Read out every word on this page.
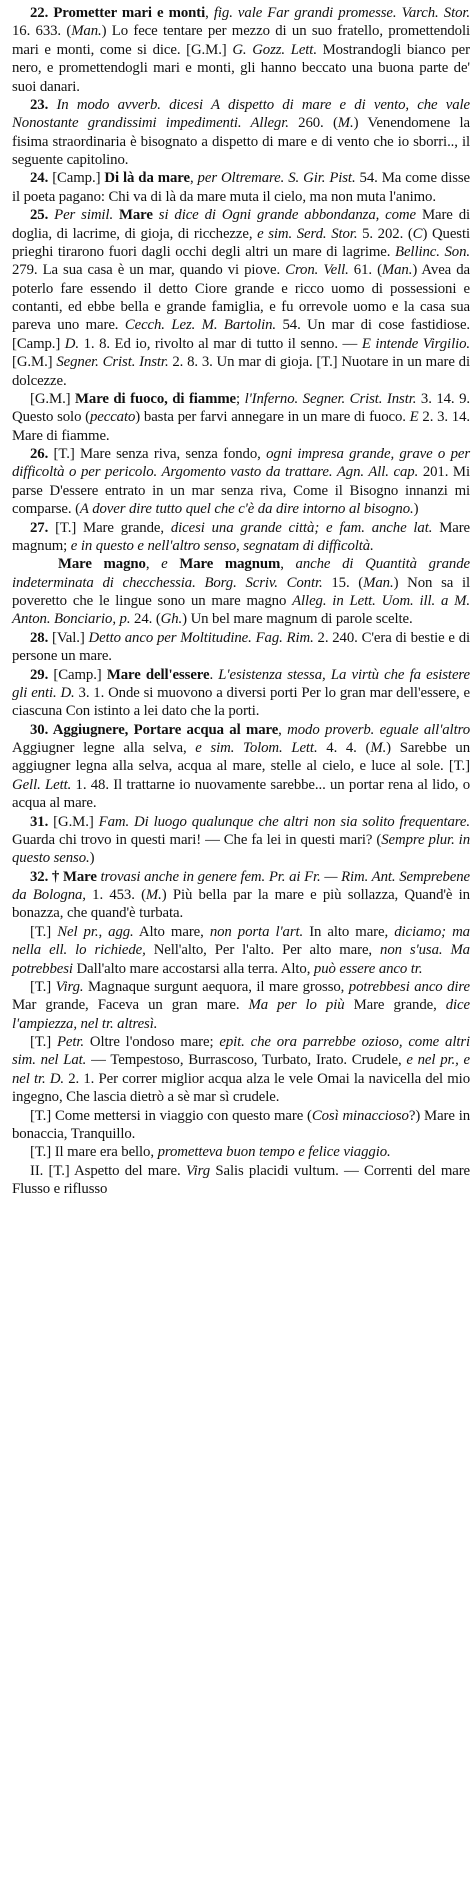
22. Prometter mari e monti, fig. vale Far grandi promesse. Varch. Stor. 16. 633. (Man.) Lo fece tentare per mezzo di un suo fratello, promettendoli mari e monti, come si dice. [G.M.] G. Gozz. Lett. Mostrandogli bianco per nero, e promettendogli mari e monti, gli hanno beccato una buona parte de' suoi danari.

23. In modo avverb. dicesi A dispetto di mare e di vento, che vale Nonostante grandissimi impedimenti. Allegr. 260. (M.) Venendomene la fisima straordinaria è bisognato a dispetto di mare e di vento che io sborri.., il seguente capitolino.

24. [Camp.] Di là da mare, per Oltremare. S. Gir. Pist. 54. Ma come disse il poeta pagano: Chi va di là da mare muta il cielo, ma non muta l'animo.

25. Per simil. Mare si dice di Ogni grande abbondanza, come Mare di doglia, di lacrime, di gioja, di ricchezze, e sim. Serd. Stor. 5. 202. (C) Questi prieghi tirarono fuori dagli occhi degli altri un mare di lagrime. Bellinc. Son. 279. La sua casa è un mar, quando vi piove. Cron. Vell. 61. (Man.) Avea da poterlo fare essendo il detto Ciore grande e ricco uomo di possessioni e contanti, ed ebbe bella e grande famiglia, e fu orrevole uomo e la casa sua pareva uno mare. Cecch. Lez. M. Bartolin. 54. Un mar di cose fastidiose. [Camp.] D. 1. 8. Ed io, rivolto al mar di tutto il senno. — E intende Virgilio. [G.M.] Segner. Crist. Instr. 2. 8. 3. Un mar di gioja. [T.] Nuotare in un mare di dolcezze.

[G.M.] Mare di fuoco, di fiamme; l'Inferno. Segner. Crist. Instr. 3. 14. 9. Questo solo (peccato) basta per farvi annegare in un mare di fuoco. E 2. 3. 14. Mare di fiamme.

26. [T.] Mare senza riva, senza fondo, ogni impresa grande, grave o per difficoltà o per pericolo. Argomento vasto da trattare. Agn. All. cap. 201. Mi parse D'essere entrato in un mar senza riva, Come il Bisogno innanzi mi comparse. (A dover dire tutto quel che c'è da dire intorno al bisogno.)

27. [T.] Mare grande, dicesi una grande città; e fam. anche lat. Mare magnum; e in questo e nell'altro senso, segnatam di difficoltà.

Mare magno, e Mare magnum, anche di Quantità grande indeterminata di checchessia. Borg. Scriv. Contr. 15. (Man.) Non sa il poveretto che le lingue sono un mare magno Alleg. in Lett. Uom. ill. a M. Anton. Bonciario, p. 24. (Gh.) Un bel mare magnum di parole scelte.

28. [Val.] Detto anco per Moltitudine. Fag. Rim. 2. 240. C'era di bestie e di persone un mare.

29. [Camp.] Mare dell'essere. L'esistenza stessa, La virtù che fa esistere gli enti. D. 3. 1. Onde si muovono a diversi porti Per lo gran mar dell'essere, e ciascuna Con istinto a lei dato che la porti.

30. Aggiugnere, Portare acqua al mare, modo proverb. eguale all'altro Aggiugner legne alla selva, e sim. Tolom. Lett. 4. 4. (M.) Sarebbe un aggiugner legna alla selva, acqua al mare, stelle al cielo, e luce al sole. [T.] Gell. Lett. 1. 48. Il trattarne io nuovamente sarebbe... un portar rena al lido, o acqua al mare.

31. [G.M.] Fam. Di luogo qualunque che altri non sia solito frequentare. Guarda chi trovo in questi mari! — Che fa lei in questi mari? (Sempre plur. in questo senso.)

32. † Mare trovasi anche in genere fem. Pr. ai Fr. — Rim. Ant. Semprebene da Bologna, 1. 453. (M.) Più bella par la mare e più sollazza, Quand'è in bonazza, che quand'è turbata.

[T.] Nel pr., agg. Alto mare, non porta l'art. In alto mare, diciamo; ma nella ell. lo richiede, Nell'alto, Per l'alto. Per alto mare, non s'usa. Ma potrebbesi Dall'alto mare accostarsi alla terra. Alto, può essere anco tr.

[T.] Virg. Magnaque surgunt aequora, il mare grosso, potrebbesi anco dire Mar grande, Faceva un gran mare. Ma per lo più Mare grande, dice l'ampiezza, nel tr. altresì.

[T.] Petr. Oltre l'ondoso mare; epit. che ora parrebbe ozioso, come altri sim. nel Lat. — Tempestoso, Burrascoso, Turbato, Irato. Crudele, e nel pr., e nel tr. D. 2. 1. Per correr miglior acqua alza le vele Omai la navicella del mio ingegno, Che lascia dietrò a sè mar sì crudele.

[T.] Come mettersi in viaggio con questo mare (Così minaccioso?) Mare in bonaccia, Tranquillo.

[T.] Il mare era bello, prometteva buon tempo e felice viaggio.

II. [T.] Aspetto del mare. Virg Salis placidi vultum. — Correnti del mare Flusso e riflusso
